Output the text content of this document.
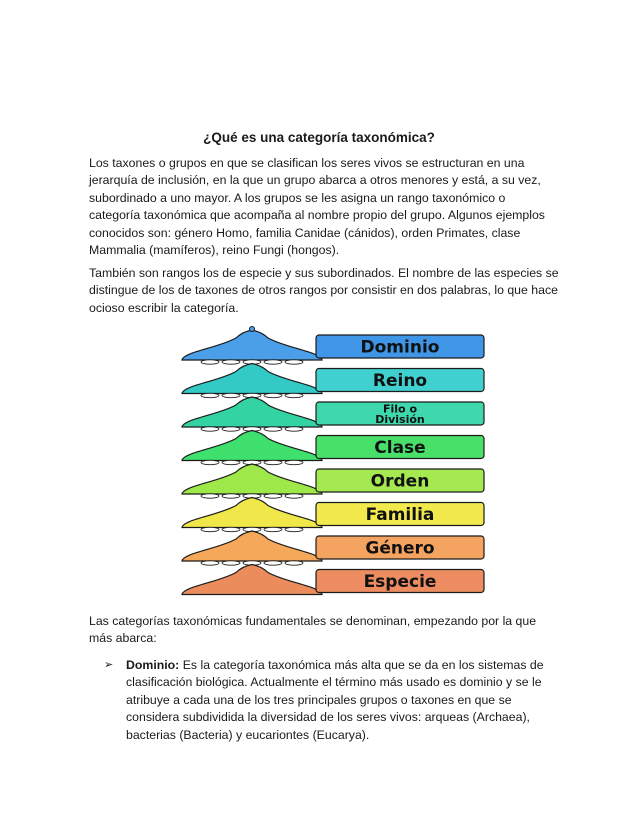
¿Qué es una categoría taxonómica?

Los taxones o grupos en que se clasifican los seres vivos se estructuran en una jerarquía de inclusión, en la que un grupo abarca a otros menores y está, a su vez, subordinado a uno mayor. A los grupos se les asigna un rango taxonómico o categoría taxonómica que acompaña al nombre propio del grupo. Algunos ejemplos conocidos son: género Homo, familia Canidae (cánidos), orden Primates, clase Mammalia (mamíferos), reino Fungi (hongos).

También son rangos los de especie y sus subordinados. El nombre de las especies se distingue de los de taxones de otros rangos por consistir en dos palabras, lo que hace ocioso escribir la categoría.

Dominio
Reino
Filo o
División
Clase
Orden
Familia
Género
Especie

Las categorías taxonómicas fundamentales se denominan, empezando por la que más abarca:

➢ Dominio: Es la categoría taxonómica más alta que se da en los sistemas de clasificación biológica. Actualmente el término más usado es dominio y se le atribuye a cada una de los tres principales grupos o taxones en que se considera subdividida la diversidad de los seres vivos: arqueas (Archaea), bacterias (Bacteria) y eucariontes (Eucarya).
